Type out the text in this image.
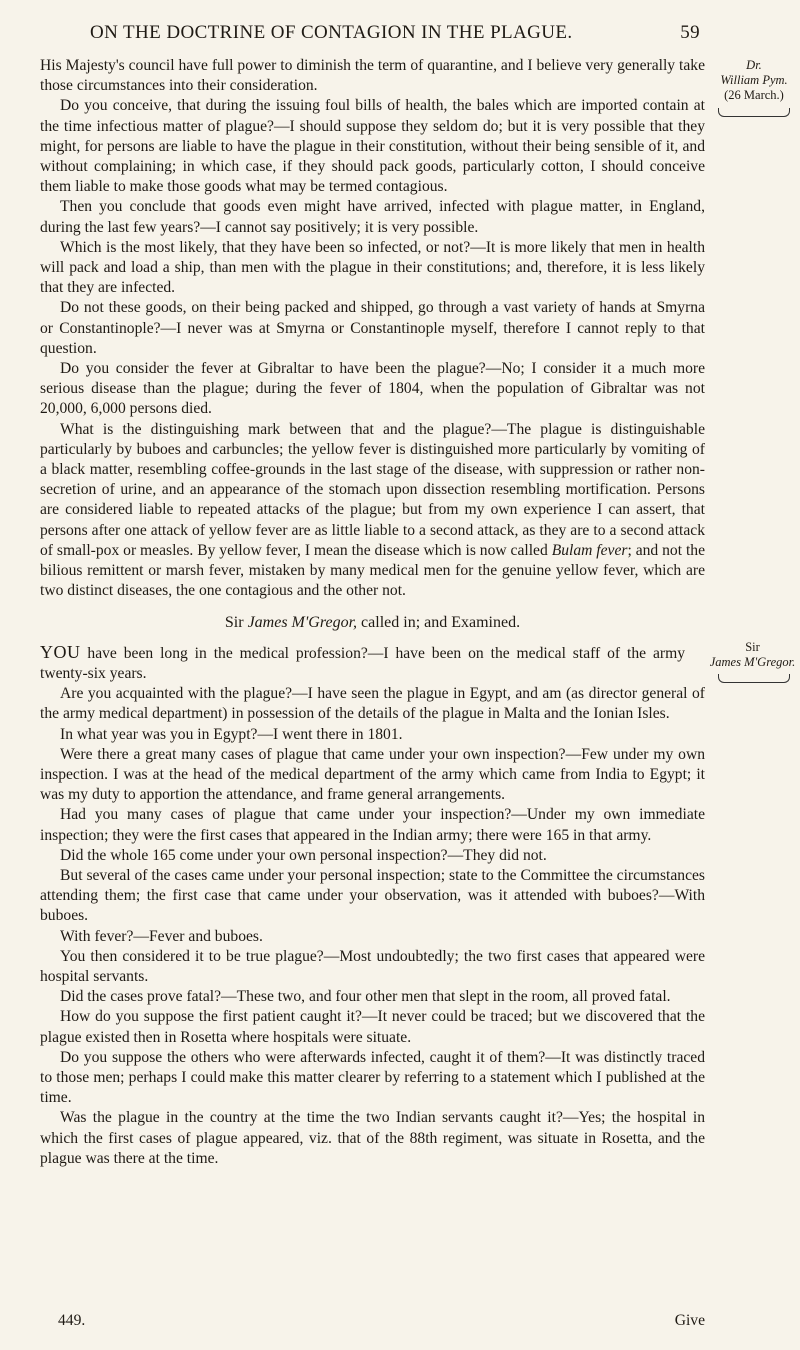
ON THE DOCTRINE OF CONTAGION IN THE PLAGUE.	59
Dr.
William Pym.
(26 March.)
Sir
James M'Gregor.

His Majesty's council have full power to diminish the term of quarantine, and I believe very generally take those circumstances into their consideration.

Do you conceive, that during the issuing foul bills of health, the bales which are imported contain at the time infectious matter of plague?—I should suppose they seldom do; but it is very possible that they might, for persons are liable to have the plague in their constitution, without their being sensible of it, and without complaining; in which case, if they should pack goods, particularly cotton, I should conceive them liable to make those goods what may be termed contagious.

Then you conclude that goods even might have arrived, infected with plague matter, in England, during the last few years?—I cannot say positively; it is very possible.

Which is the most likely, that they have been so infected, or not?—It is more likely that men in health will pack and load a ship, than men with the plague in their constitutions; and, therefore, it is less likely that they are infected.

Do not these goods, on their being packed and shipped, go through a vast variety of hands at Smyrna or Constantinople?—I never was at Smyrna or Constantinople myself, therefore I cannot reply to that question.

Do you consider the fever at Gibraltar to have been the plague?—No; I consider it a much more serious disease than the plague; during the fever of 1804, when the population of Gibraltar was not 20,000, 6,000 persons died.

What is the distinguishing mark between that and the plague?—The plague is distinguishable particularly by buboes and carbuncles; the yellow fever is distinguished more particularly by vomiting of a black matter, resembling coffee-grounds in the last stage of the disease, with suppression or rather non-secretion of urine, and an appearance of the stomach upon dissection resembling mortification. Persons are considered liable to repeated attacks of the plague; but from my own experience I can assert, that persons after one attack of yellow fever are as little liable to a second attack, as they are to a second attack of small-pox or measles. By yellow fever, I mean the disease which is now called Bulam fever; and not the bilious remittent or marsh fever, mistaken by many medical men for the genuine yellow fever, which are two distinct diseases, the one contagious and the other not.

Sir James M'Gregor, called in; and Examined.

YOU have been long in the medical profession?—I have been on the medical staff of the army twenty-six years.

Are you acquainted with the plague?—I have seen the plague in Egypt, and am (as director general of the army medical department) in possession of the details of the plague in Malta and the Ionian Isles.

In what year was you in Egypt?—I went there in 1801.

Were there a great many cases of plague that came under your own inspection?—Few under my own inspection. I was at the head of the medical department of the army which came from India to Egypt; it was my duty to apportion the attendance, and frame general arrangements.

Had you many cases of plague that came under your inspection?—Under my own immediate inspection; they were the first cases that appeared in the Indian army; there were 165 in that army.

Did the whole 165 come under your own personal inspection?—They did not.

But several of the cases came under your personal inspection; state to the Committee the circumstances attending them; the first case that came under your observation, was it attended with buboes?—With buboes.

With fever?—Fever and buboes.

You then considered it to be true plague?—Most undoubtedly; the two first cases that appeared were hospital servants.

Did the cases prove fatal?—These two, and four other men that slept in the room, all proved fatal.

How do you suppose the first patient caught it?—It never could be traced; but we discovered that the plague existed then in Rosetta where hospitals were situate.

Do you suppose the others who were afterwards infected, caught it of them?—It was distinctly traced to those men; perhaps I could make this matter clearer by referring to a statement which I published at the time.

Was the plague in the country at the time the two Indian servants caught it?—Yes; the hospital in which the first cases of plague appeared, viz. that of the 88th regiment, was situate in Rosetta, and the plague was there at the time.

449.	Give
